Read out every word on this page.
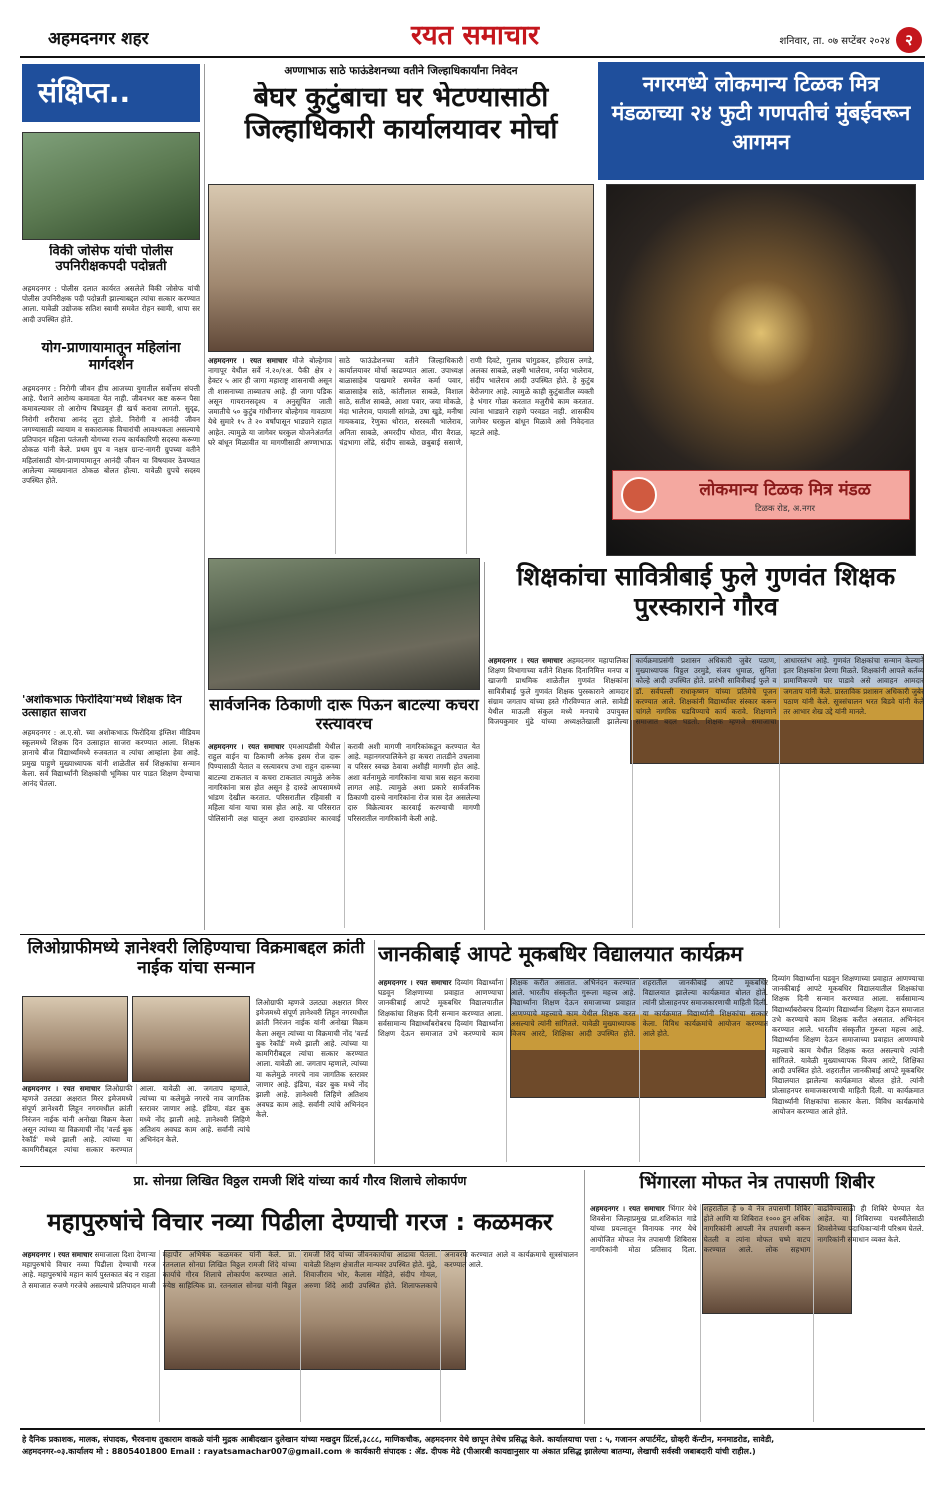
अहमदनगर शहर	रयत समाचार	शनिवार, ता. ०७ सप्टेंबर २०२४	२
संक्षिप्त..
विकी जोसेफ यांची पोलीस उपनिरीक्षकपदी पदोन्नती
अहमदनगर : पोलीस दलात कार्यरत असलेले विकी जोसेफ यांची पोलीस उपनिरीक्षक पदी पदोन्नती झाल्याबद्दल त्यांचा सत्कार करण्यात आला. यावेळी उद्योजक सतिश स्वामी समवेत रोहन स्वामी, धापा सर आदी उपस्थित होते.
योग-प्राणायामातून महिलांना मार्गदर्शन
अहमदनगर : निरोगी जीवन हीच आजच्या युगातील सर्वोत्तम संपत्ती आहे. पैशाने आरोग्य कमावता येत नाही. जीवनभर कष्ट करून पैसा कमावल्यावर तो आरोग्य बिघडवून ही खर्च करावा लागतो. सुदृढ, निरोगी शरीराचा आनंद लुटा होतो. निरोगी व आनंदी जीवन जगण्यासाठी व्यायाम व सकारात्मक विचारांची आवश्यकता असल्याचे प्रतिपादन महिला पतंजली योगच्या राज्य कार्यकारिणी सदस्या करूणा ठोकळ यांनी केले. प्रथम ग्रुप व नक्षत्र ग्रान्ट-नागरी ग्रुपच्या वतीने महिलांसाठी योग-प्राणायामातून आनंदी जीवन या विषयावर ठेवण्यात आलेल्या व्याख्यानात ठोकळ बोलत होत्या. यावेळी ग्रुपचे सदस्य उपस्थित होते.
'अशोकभाऊ फिरोदिया'मध्ये शिक्षक दिन उत्साहात साजरा
अहमदनगर : अ.ए.सो. च्या अशोकभाऊ फिरोदिया इंग्लिश मीडियम स्कूलमध्ये शिक्षक दिन उत्साहात साजरा करण्यात आला. शिक्षक ज्ञानाचे बीज विद्यार्थ्यांमध्ये रुजवतात व त्यांचा आम्हांला हेवा आहे. प्रमुख पाहुणे मुख्याध्यापक यांनी शाळेतील सर्व शिक्षकांचा सन्मान केला. सर्व विद्यार्थ्यांनी शिक्षकांची भूमिका पार पाडत शिक्षण देण्याचा आनंद घेतला.
अण्णाभाऊ साठे फाऊंडेशनच्या वतीने जिल्हाधिकार्यांना निवेदन
बेघर कुटुंबाचा घर भेटण्यासाठी जिल्हाधिकारी कार्यालयावर मोर्चा
अहमदनगर । रयत समाचार मौजे बोल्हेगाव नागापूर येथील सर्वे नं.२०/१अ. पैकी क्षेत्र २ हेक्टर ५ आर ही जागा महाराष्ट्र शासनाची असून ती शासनाच्या ताब्यातच आहे. ही जागा पडिक असून गायरानसदृश्य व अनुसूचित जाती जमातीचे ५० कुटुंब गांधीनगर बोल्हेगाव गावठाण येथे सुमारे १५ ते २० वर्षांपासून भाड्याने राहात आहेत. त्यामुळे या जागेवर घरकुल योजनेअंतर्गत घरे बांधून मिळावीत या मागणीसाठी अण्णाभाऊ साठे फाऊंडेशनच्या वतीने जिल्हाधिकारी कार्यालयावर मोर्चा काढण्यात आला. उपाध्यक्ष बाळासाहेब पाखमारे समवेत कर्मा पवार, बाळासाहेब साठे, कांतीलाल साबळे, विशाल साठे, सतीश साबळे, आशा पवार, जया मोकळे, मंदा भालेराव, पायाली सांगळे, उषा खुडे, मनीषा गायकवाड, रेणुका थोरात, सरस्वती भालेराव, अनिता साबळे, अमरदीप थोरात, मीरा वैराळ, चंद्रभागा लोंढे, संदीप साबळे, छबुबाई ससाणे, राणी दिवटे, गुलाब चांगुडकर, हरिदास लगडे, अलका साबळे, लक्ष्मी भालेराव, नर्मदा भालेराव, संदीप भालेराव आदी उपस्थित होते. हे कुटुंब बेरोजगार आहे. त्यामुळे काही कुटुंबातील व्यक्ती हे भंगार गोळा करतात मजुरीचे काम करतात. त्यांना भाड्याने राहणे परवडत नाही. शासकीय जागेवर घरकुल बांधून मिळावे असे निवेदनात म्हटले आहे.
नगरमध्ये लोकमान्य टिळक मित्र मंडळाच्या २४ फुटी गणपतीचं मुंबईवरून आगमन
लोकमान्य टिळक मित्र मंडळ
टिळक रोड, अ.नगर
सार्वजनिक ठिकाणी दारू पिऊन बाटल्या कचरा रस्त्यावरच
अहमदनगर । रयत समाचार एमआयडीसी येथील राहुल वाईन या ठिकाणी अनेक इसम रोज दारू पिण्यासाठी येतात व रस्त्यावरच उभा राहून दारूच्या बाटल्या टाकतात व कचरा टाकतात त्यामुळे अनेक नागरिकांना त्रास होत असून हे दारुडे आपसामध्ये भांडण देखील करतात. परिसरातील रहिवासी व महिला यांना याचा त्रास होत आहे. या परिसरात पोलिसांनी लक्ष घालून अशा दारुड्यांवर कारवाई करावी अशी मागणी नागरिकांकडून करण्यात येत आहे. महानगरपालिकेने हा कचरा तातडीने उचलावा व परिसर स्वच्छ ठेवावा अशीही मागणी होत आहे. अशा वर्तनामुळे नागरिकांना याचा त्रास सहन करावा लागत आहे. त्यामुळे अशा प्रकारे सार्वजनिक ठिकाणी दारुचे नागरिकांना रोज त्रास देत असलेल्या दारु विक्रेत्यावर कारवाई करण्याची मागणी परिसरातील नागरिकांनी केली आहे.
शिक्षकांचा सावित्रीबाई फुले गुणवंत शिक्षक पुरस्काराने गौरव
अहमदनगर । रयत समाचार अहमदनगर महापालिका शिक्षण विभागाच्या वतीने शिक्षक दिनानिमित्त मनपा व खाजगी प्राथमिक शाळेतील गुणवंत शिक्षकांना सावित्रीबाई फुले गुणवंत शिक्षक पुरस्काराने आमदार संग्राम जगताप यांच्या हस्ते गौरविण्यात आले. सावेडी येथील माऊली संकुल मध्ये मनपाचे उपायुक्त विजयकुमार मुंढे यांच्या अध्यक्षतेखाली झालेल्या कार्यक्रमाप्रसंगी प्रशासन अधिकारी जुबेर पठाण, मुख्याध्यापक विठ्ठल उरमुडे, संजय धुमाळ, सुनिता कोल्हे आदी उपस्थित होते. प्रारंभी सावित्रीबाई फुले व डॉ. सर्वपल्ली राधाकृष्णन यांच्या प्रतिमेचे पूजन करण्यात आले. शिक्षकांनी विद्यार्थ्यांवर संस्कार करून चांगले नागरिक घडविण्याचे कार्य करावे. शिक्षणाने समाजात बदल घडतो. शिक्षक म्हणजे समाजाचा आधारस्तंभ आहे. गुणवंत शिक्षकांचा सन्मान केल्याने इतर शिक्षकांना प्रेरणा मिळते. शिक्षकांनी आपले कर्तव्य प्रामाणिकपणे पार पाडावे असे आवाहन आमदार जगताप यांनी केले. प्रास्ताविक प्रशासन अधिकारी जुबेर पठाण यांनी केले. सूत्रसंचालन भरत बिडवे यांनी केले तर आभार शेख उद्दे यांनी मानले.
लिओग्राफीमध्ये ज्ञानेश्वरी लिहिण्याचा विक्रमाबद्दल क्रांती नाईक यांचा सन्मान
अहमदनगर । रयत समाचार लिओग्राफी म्हणजे उलट्या अक्षरात मिरर इमेजमध्ये संपूर्ण ज्ञानेश्वरी लिहून नगरमधील क्रांती निरंजन नाईक यांनी अनोखा विक्रम केला असून त्यांच्या या विक्रमाची नोंद 'वर्ल्ड बुक रेकॉर्ड' मध्ये झाली आहे. त्यांच्या या कामगिरीबद्दल त्यांचा सत्कार करण्यात आला. यावेळी आ. जगताप म्हणाले, त्यांच्या या कलेमुळे नगरचे नाव जागतिक स्तरावर जाणार आहे. इंडिया, वंडर बुक मध्ये नोंद झाली आहे. ज्ञानेश्वरी लिहिणे अतिशय अवघड काम आहे. सर्वांनी त्यांचे अभिनंदन केले.
लिओग्राफी म्हणजे उलट्या अक्षरात मिरर इमेजमध्ये संपूर्ण ज्ञानेश्वरी लिहून नगरमधील क्रांती निरंजन नाईक यांनी अनोखा विक्रम केला असून त्यांच्या या विक्रमाची नोंद 'वर्ल्ड बुक रेकॉर्ड' मध्ये झाली आहे. त्यांच्या या कामगिरीबद्दल त्यांचा सत्कार करण्यात आला. यावेळी आ. जगताप म्हणाले, त्यांच्या या कलेमुळे नगरचे नाव जागतिक स्तरावर जाणार आहे. इंडिया, वंडर बुक मध्ये नोंद झाली आहे. ज्ञानेश्वरी लिहिणे अतिशय अवघड काम आहे. सर्वांनी त्यांचे अभिनंदन केले.
जानकीबाई आपटे मूकबधिर विद्यालयात कार्यक्रम
दिव्यांग विद्यार्थ्यांना घडवून शिक्षणाच्या प्रवाहात आणण्याचा जानकीबाई आपटे मूकबधिर विद्यालयातील शिक्षकांचा शिक्षक दिनी सन्मान करण्यात आला. सर्वसामान्य विद्यार्थ्यांबरोबरच दिव्यांग विद्यार्थ्यांना शिक्षण देऊन समाजात उभे करण्याचे काम शिक्षक करीत असतात. अभिनंदन करण्यात आले. भारतीय संस्कृतीत गुरूला महत्त्व आहे. विद्यार्थ्यांना शिक्षण देऊन समाजाच्या प्रवाहात आणण्याचे महत्त्वाचे काम येथील शिक्षक करत असल्याचे त्यांनी सांगितले. यावेळी मुख्याध्यापक विजय आरटे, शिक्षिका आदी उपस्थित होते. शहरातील जानकीबाई आपटे मूकबधिर विद्यालयात झालेल्या कार्यक्रमात बोलत होते. त्यांनी प्रोत्साहनपर समाजकारणाची माहिती दिली. या कार्यक्रमात विद्यार्थ्यांनी शिक्षकांचा सत्कार केला. विविध कार्यक्रमांचे आयोजन करण्यात आले होते.
अहमदनगर । रयत समाचार दिव्यांग विद्यार्थ्यांना घडवून शिक्षणाच्या प्रवाहात आणण्याचा जानकीबाई आपटे मूकबधिर विद्यालयातील शिक्षकांचा शिक्षक दिनी सन्मान करण्यात आला. सर्वसामान्य विद्यार्थ्यांबरोबरच दिव्यांग विद्यार्थ्यांना शिक्षण देऊन समाजात उभे करण्याचे काम शिक्षक करीत असतात. अभिनंदन करण्यात आले. भारतीय संस्कृतीत गुरूला महत्त्व आहे. विद्यार्थ्यांना शिक्षण देऊन समाजाच्या प्रवाहात आणण्याचे महत्त्वाचे काम येथील शिक्षक करत असल्याचे त्यांनी सांगितले. यावेळी मुख्याध्यापक विजय आरटे, शिक्षिका आदी उपस्थित होते. शहरातील जानकीबाई आपटे मूकबधिर विद्यालयात झालेल्या कार्यक्रमात बोलत होते. त्यांनी प्रोत्साहनपर समाजकारणाची माहिती दिली. या कार्यक्रमात विद्यार्थ्यांनी शिक्षकांचा सत्कार केला. विविध कार्यक्रमांचे आयोजन करण्यात आले होते.
प्रा. सोनग्रा लिखित विठ्ठल रामजी शिंदे यांच्या कार्य गौरव शिलाचे लोकार्पण
महापुरुषांचे विचार नव्या पिढीला देण्याची गरज : कळमकर
अहमदनगर । रयत समाचार समाजाला दिशा देणाऱ्या महापुरुषांचे विचार नव्या पिढीला देण्याची गरज आहे. महापुरुषांचे महान कार्य पुस्तकात बंद न राहता ते समाजात रुजणे गरजेचे असल्याचे प्रतिपादन माजी महापौर अभिषेक कळमकर यांनी केले. प्रा. रतनलाल सोनग्रा लिखित विठ्ठल रामजी शिंदे यांच्या कार्याचे गौरव शिलाचे लोकार्पण करण्यात आले. ज्येष्ठ साहित्यिक प्रा. रतनलाल सोनग्रा यांनी विठ्ठल रामजी शिंदे यांच्या जीवनकार्याचा आढावा घेतला. यावेळी शिक्षण क्षेत्रातील मान्यवर उपस्थित होते. मुंढे, शिवाजीराव भोर, कैलास मोहिते, संदीप गोयल, अरुणा शिंदे आदी उपस्थित होते. शिलाफलकाचे अनावरण करण्यात आले व कार्यक्रमाचे सूत्रसंचालन करण्यात आले.
भिंगारला मोफत नेत्र तपासणी शिबीर
अहमदनगर । रयत समाचार भिंगार येथे शिवसेना जिल्हाप्रमुख प्रा.शशिकांत गाडे यांच्या प्रयत्नातून विनायक नगर येथे आयोजित मोफत नेत्र तपासणी शिबिरास नागरिकांनी मोठा प्रतिसाद दिला. शहरातील हे ७ वे नेत्र तपासणी शिबिर होते आणि या शिबिरात १००० हून अधिक नागरिकांनी आपली नेत्र तपासणी करून घेतली व त्यांना मोफत चष्मे वाटप करण्यात आले. लोक सहभाग वाढविण्यासाठी ही शिबिरे घेण्यात येत आहेत. या शिबिराच्या यशस्वीतेसाठी शिवसेनेच्या पदाधिकाऱ्यांनी परिश्रम घेतले. नागरिकांनी समाधान व्यक्त केले.
हे दैनिक प्रकाशक, मालक, संपादक, भैरवनाथ तुकाराम वाकळे यांनी मुद्रक आबीदखान दुलेखान यांच्या मखदुम प्रिंटर्स,३८८८, माणिकचौक, अहमदनगर येथे छापून तेथेच प्रसिद्ध केले. कार्यालयाचा पत्ता : ५, गजानन अपार्टमेंट, ग्रोव्हरी कॅन्टीन, मनमाडरोड, सावेडी,
अहमदनगर-०३.कार्यालय मो : 8805401800 Email : rayatsamachar007@gmail.com ❋ कार्यकारी संपादक : ॲड. दीपक मेढे (पीआरबी कायद्यानुसार या अंकात प्रसिद्ध झालेल्या बातम्या, लेखाची सर्वस्वी जबाबदारी यांची राहील.)
